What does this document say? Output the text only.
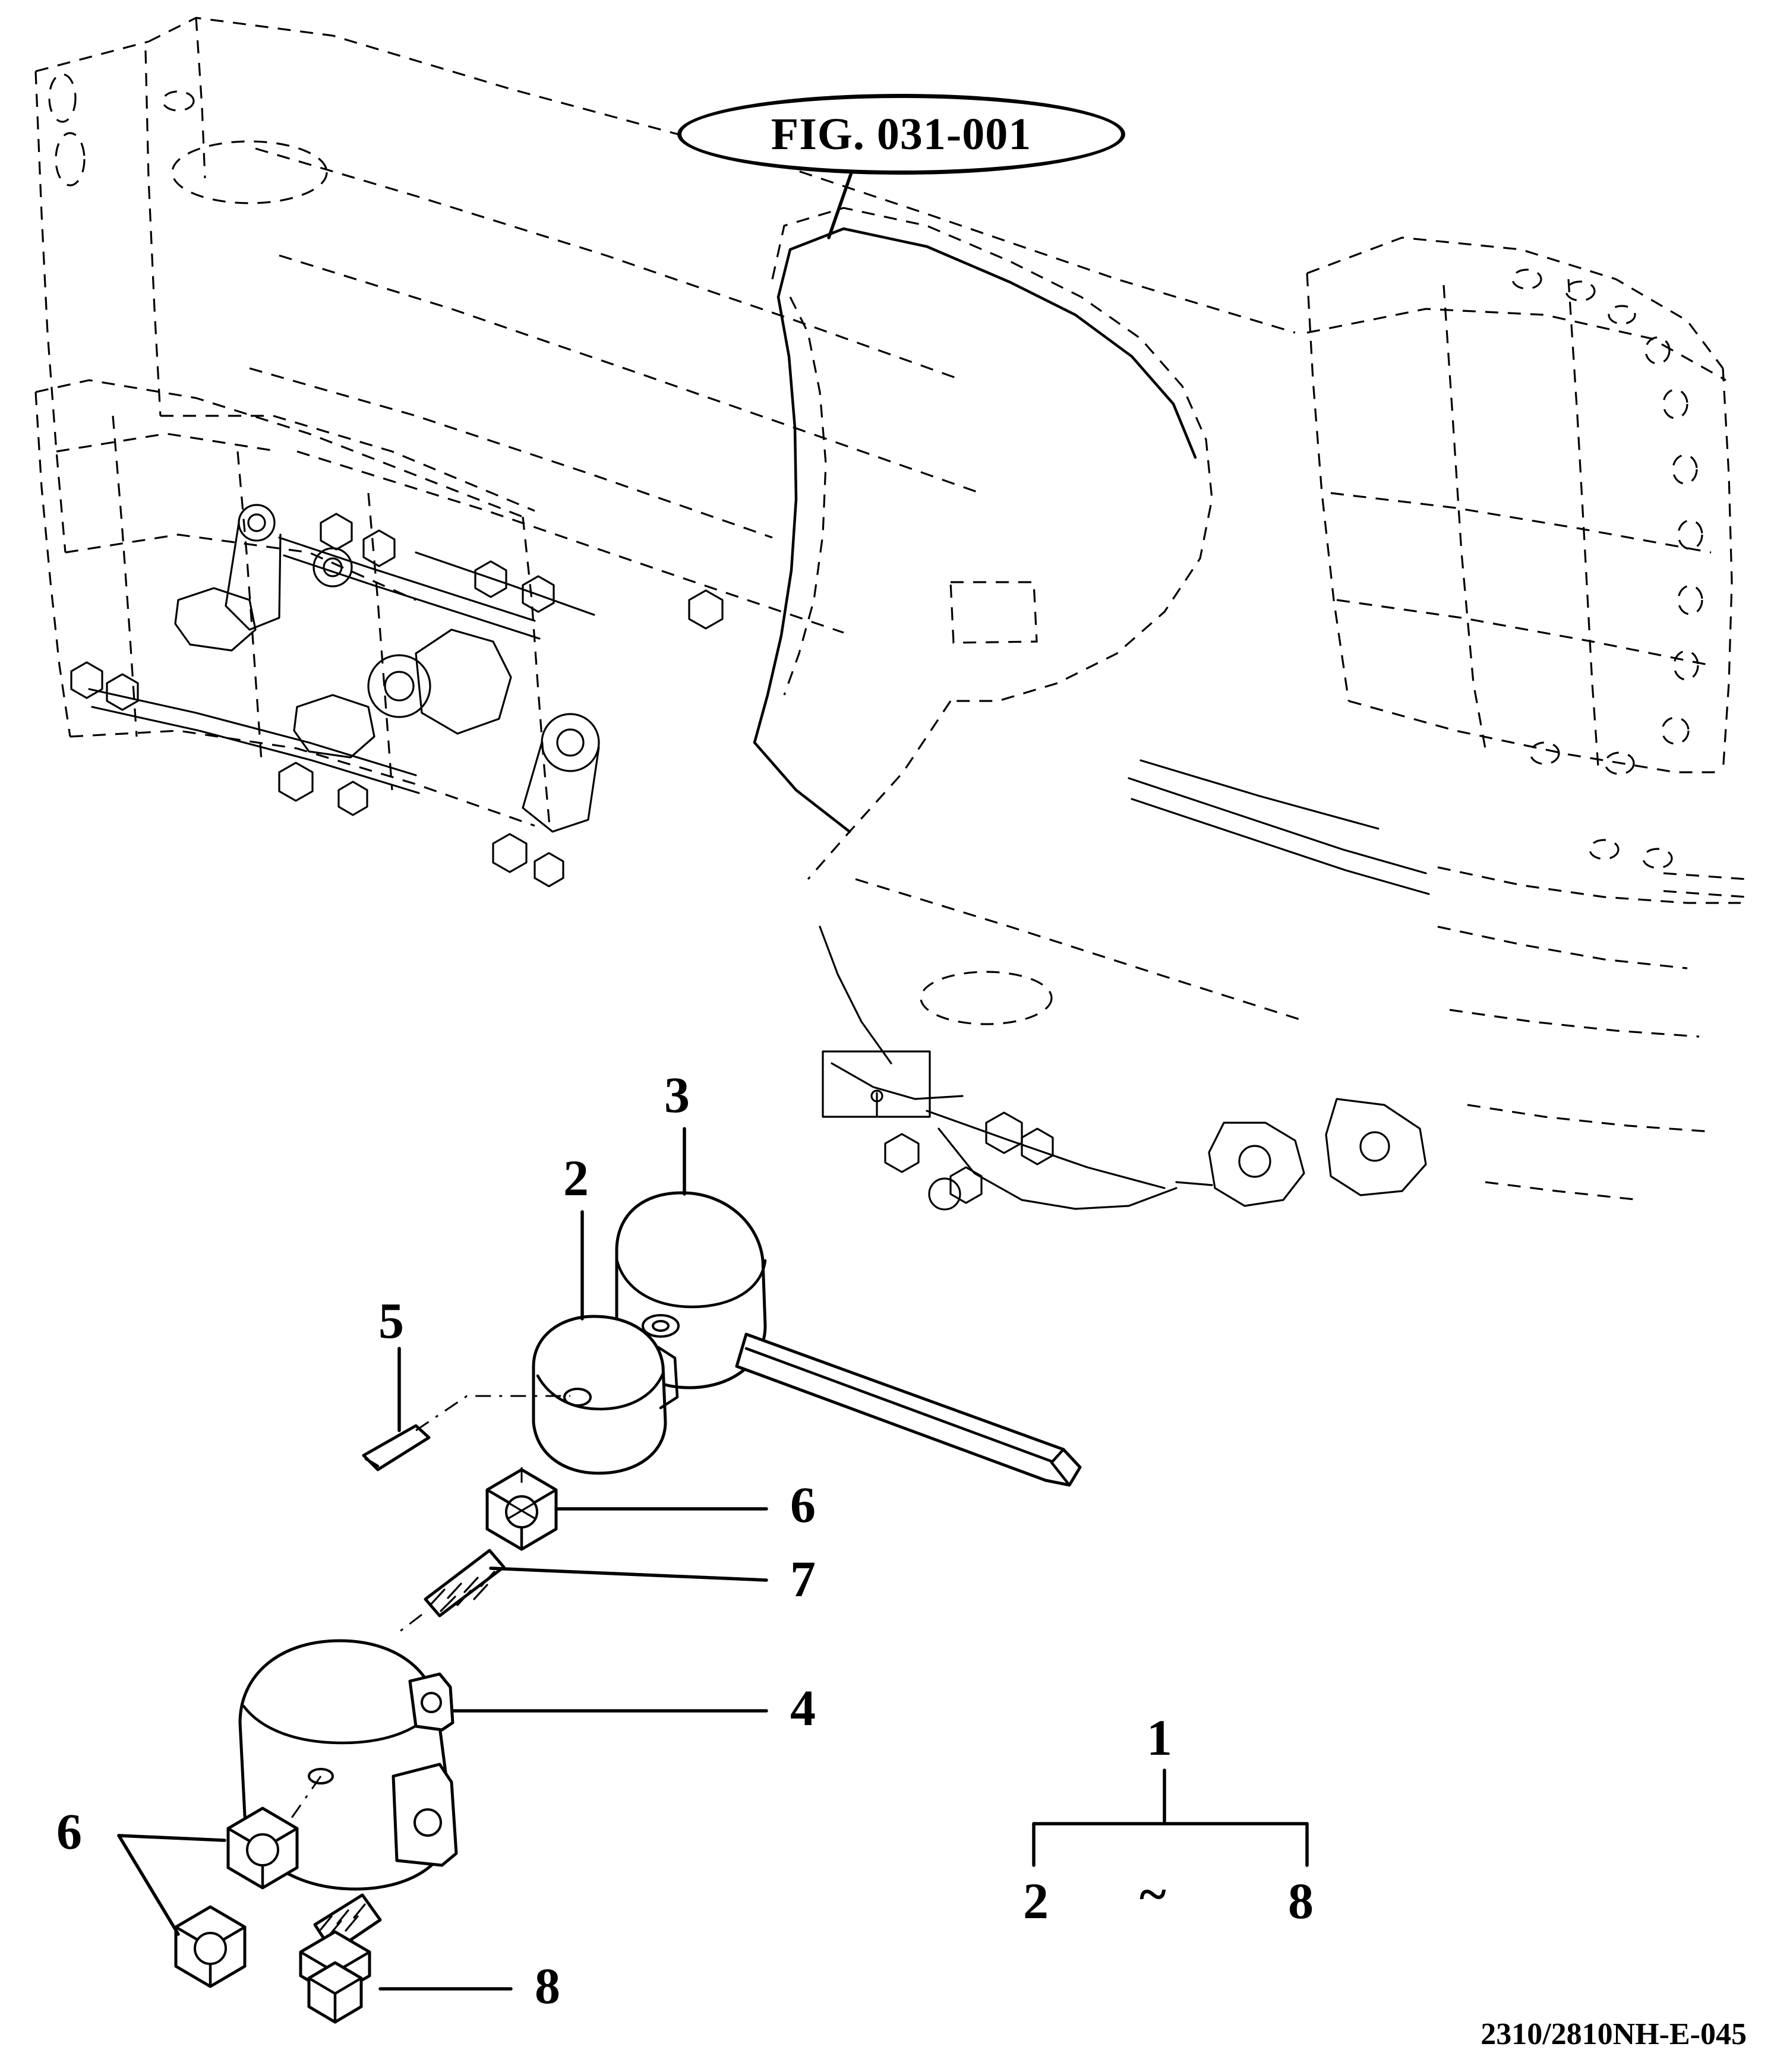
FIG. 031-001
3
2
5
6
7
4
6
8
1
2 ~ 8
2310/2810NH-E-045
